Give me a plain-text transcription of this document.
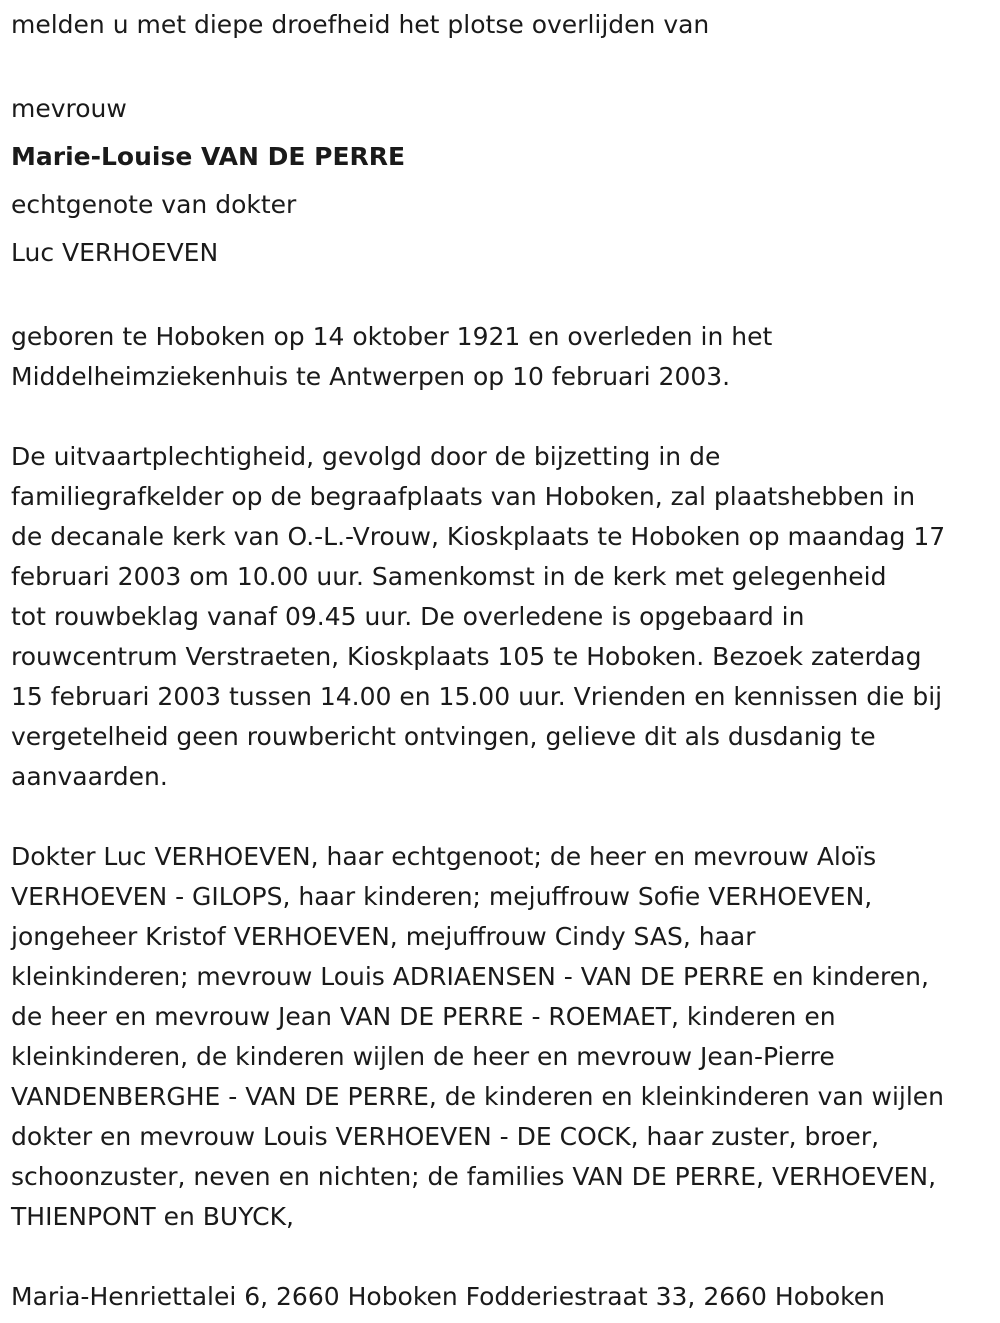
melden u met diepe droefheid het plotse overlijden van

mevrouw
Marie-Louise VAN DE PERRE
echtgenote van dokter
Luc VERHOEVEN

geboren te Hoboken op 14 oktober 1921 en overleden in het
Middelheimziekenhuis te Antwerpen op 10 februari 2003.

De uitvaartplechtigheid, gevolgd door de bijzetting in de
familiegrafkelder op de begraafplaats van Hoboken, zal plaatshebben in
de decanale kerk van O.-L.-Vrouw, Kioskplaats te Hoboken op maandag 17
februari 2003 om 10.00 uur. Samenkomst in de kerk met gelegenheid
tot rouwbeklag vanaf 09.45 uur. De overledene is opgebaard in
rouwcentrum Verstraeten, Kioskplaats 105 te Hoboken. Bezoek zaterdag
15 februari 2003 tussen 14.00 en 15.00 uur. Vrienden en kennissen die bij
vergetelheid geen rouwbericht ontvingen, gelieve dit als dusdanig te
aanvaarden.

Dokter Luc VERHOEVEN, haar echtgenoot; de heer en mevrouw Aloïs
VERHOEVEN - GILOPS, haar kinderen; mejuffrouw Sofie VERHOEVEN,
jongeheer Kristof VERHOEVEN, mejuffrouw Cindy SAS, haar
kleinkinderen; mevrouw Louis ADRIAENSEN - VAN DE PERRE en kinderen,
de heer en mevrouw Jean VAN DE PERRE - ROEMAET, kinderen en
kleinkinderen, de kinderen wijlen de heer en mevrouw Jean-Pierre
VANDENBERGHE - VAN DE PERRE, de kinderen en kleinkinderen van wijlen
dokter en mevrouw Louis VERHOEVEN - DE COCK, haar zuster, broer,
schoonzuster, neven en nichten; de families VAN DE PERRE, VERHOEVEN,
THIENPONT en BUYCK,

Maria-Henriettalei 6, 2660 Hoboken Fodderiestraat 33, 2660 Hoboken
